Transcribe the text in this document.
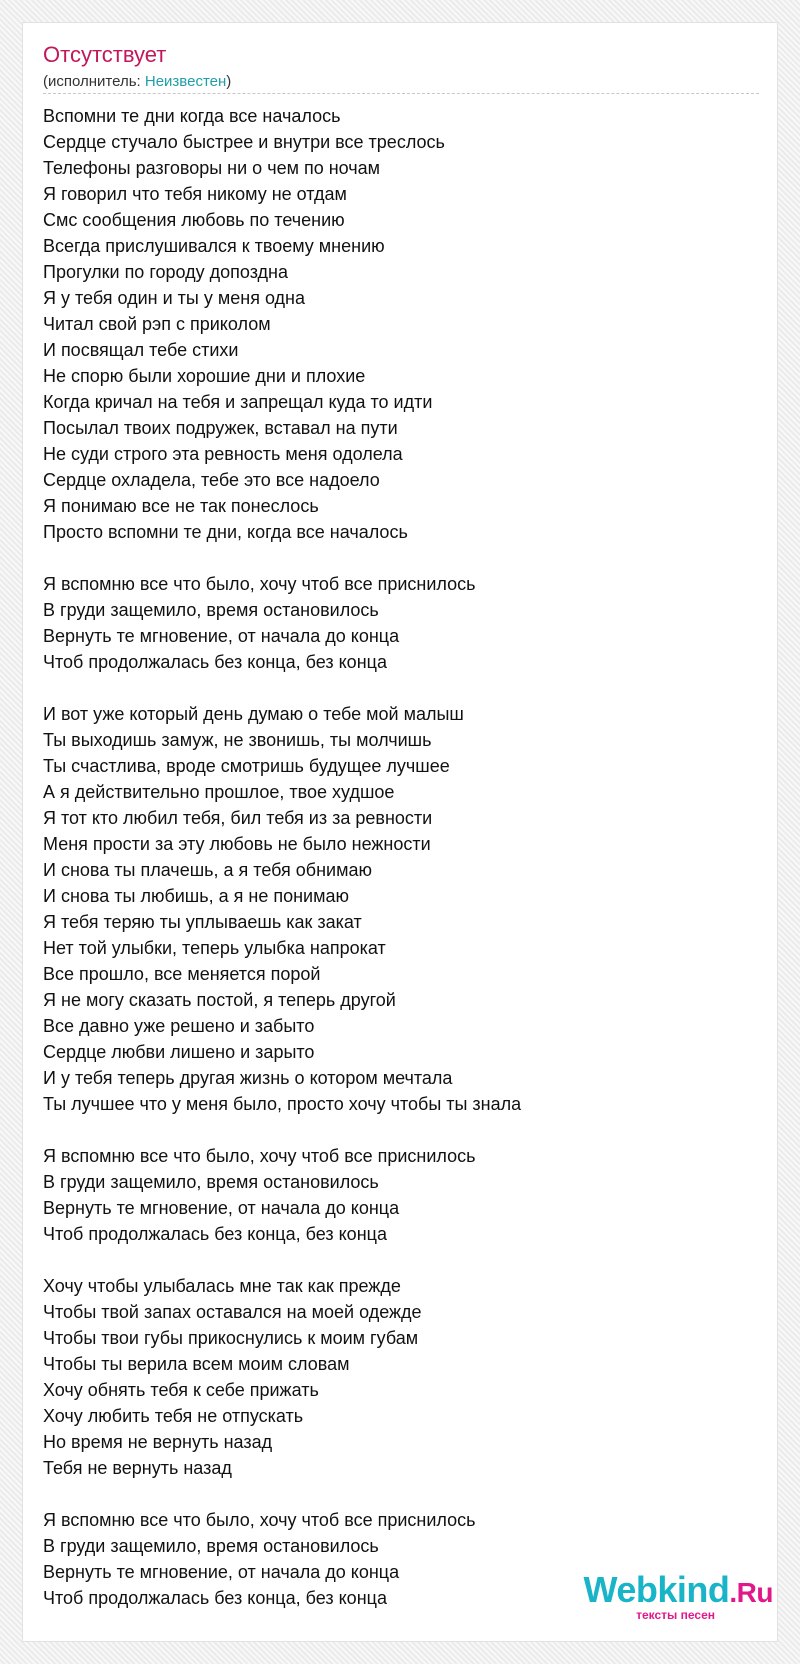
Отсутствует
(исполнитель: Неизвестен)
Вспомни те дни когда все началось
Сердце стучало быстрее и внутри все треслось
Телефоны разговоры ни о чем по ночам
Я говорил что тебя никому не отдам
Смс сообщения любовь по течению
Всегда прислушивался к твоему мнению
Прогулки по городу допоздна
Я у тебя один и ты у меня одна
Читал свой рэп с приколом
И посвящал тебе стихи
Не спорю были хорошие дни и плохие
Когда кричал на тебя и запрещал куда то идти
Посылал твоих подружек, вставал на пути
Не суди строго эта ревность меня одолела
Сердце охладела, тебе это все надоело
Я понимаю все не так понеслось
Просто вспомни те дни, когда все началось
Я вспомню все что было, хочу чтоб все приснилось
В груди защемило, время остановилось
Вернуть те мгновение, от начала до конца
Чтоб продолжалась без конца, без конца
И вот уже который день думаю о тебе мой малыш
Ты выходишь замуж, не звонишь, ты молчишь
Ты счастлива, вроде смотришь будущее лучшее
А я действительно прошлое, твое худшое
Я тот кто любил тебя, бил тебя из за ревности
Меня прости за эту любовь не было нежности
И снова ты плачешь, а я тебя обнимаю
И снова ты любишь, а я не понимаю
Я тебя теряю ты уплываешь как закат
Нет той улыбки, теперь улыбка напрокат
Все прошло, все меняется порой
Я не могу сказать постой, я теперь другой
Все давно уже решено и забыто
Сердце любви лишено и зарыто
И у тебя теперь другая жизнь о котором мечтала
Ты лучшее что у меня было, просто хочу чтобы ты знала
Я вспомню все что было, хочу чтоб все приснилось
В груди защемило, время остановилось
Вернуть те мгновение, от начала до конца
Чтоб продолжалась без конца, без конца
Хочу чтобы улыбалась мне так как прежде
Чтобы твой запах оставался на моей одежде
Чтобы твои губы прикоснулись к моим губам
Чтобы ты верила всем моим словам
Хочу обнять тебя к себе прижать
Хочу любить тебя не отпускать
Но время не вернуть назад
Тебя не вернуть назад
Я вспомню все что было, хочу чтоб все приснилось
В груди защемило, время остановилось
Вернуть те мгновение, от начала до конца
Чтоб продолжалась без конца, без конца	Webkind.Ru
тексты песен
